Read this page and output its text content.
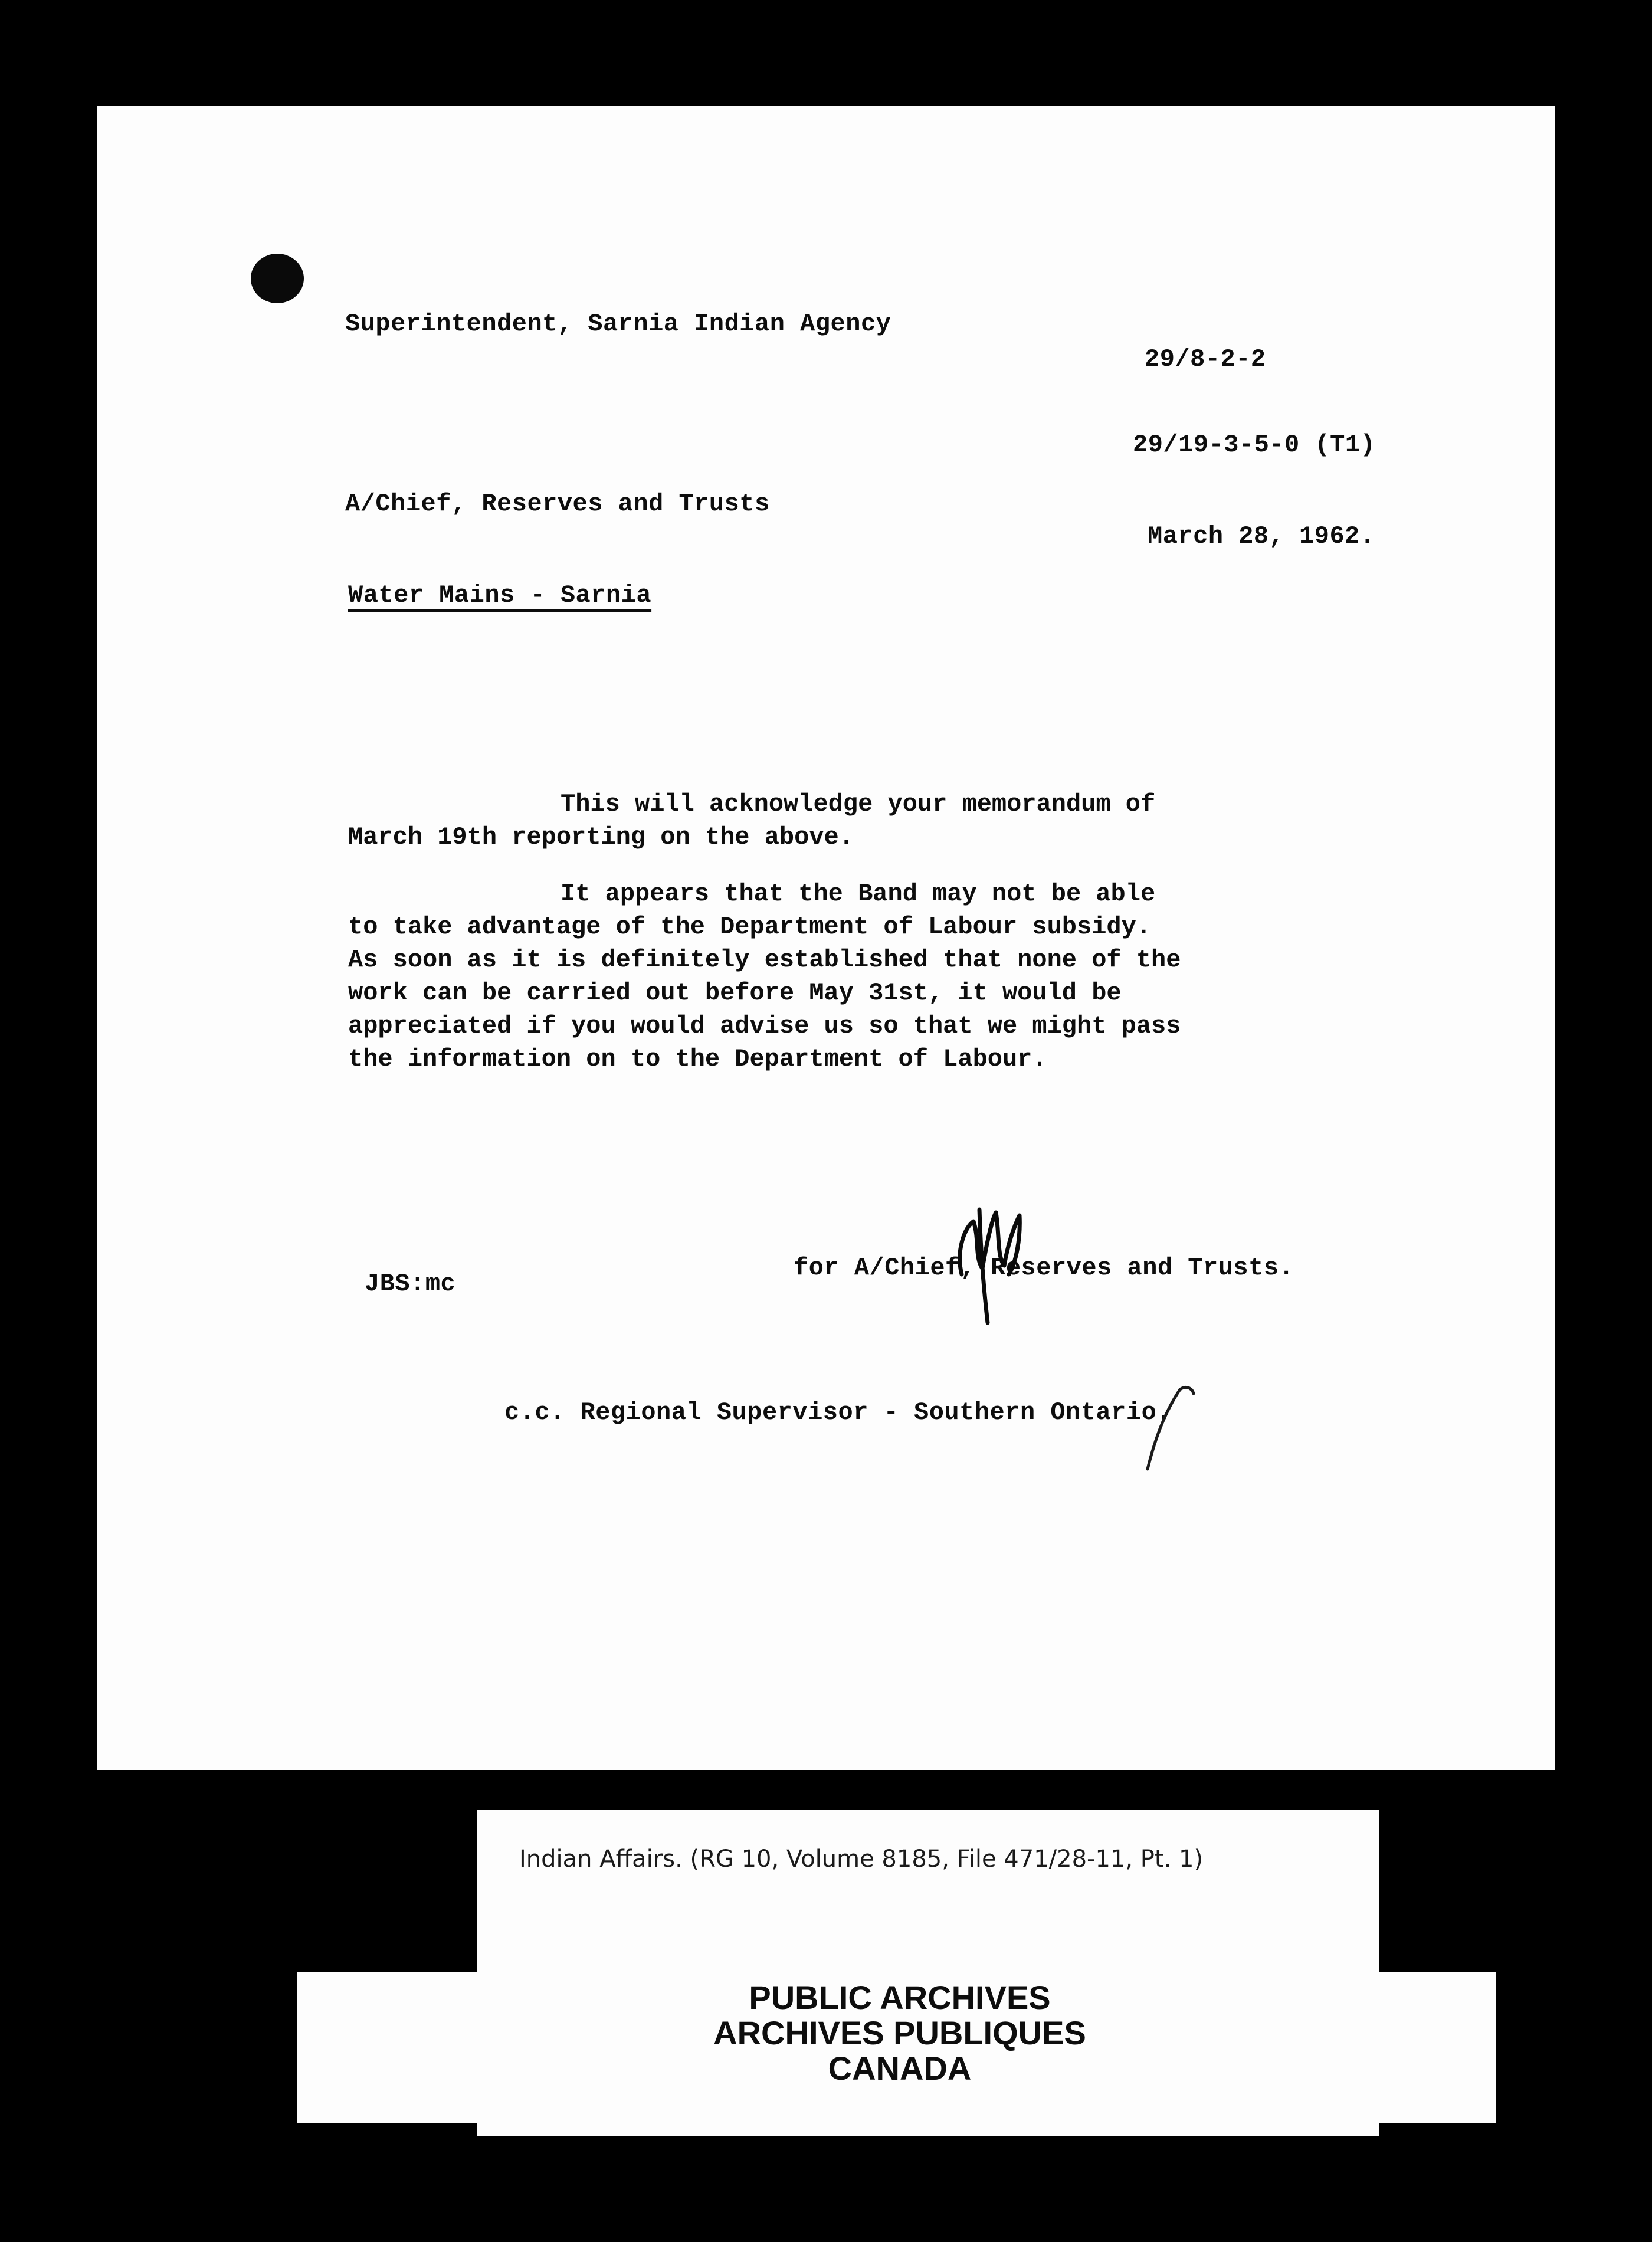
Superintendent, Sarnia Indian Agency
29/8-2-2
29/19-3-5-0 (T1)
A/Chief, Reserves and Trusts
March 28, 1962.
Water Mains - Sarnia
This will acknowledge your memorandum of
March 19th reporting on the above.
It appears that the Band may not be able
to take advantage of the Department of Labour subsidy.
As soon as it is definitely established that none of the
work can be carried out before May 31st, it would be
appreciated if you would advise us so that we might pass
the information on to the Department of Labour.
JBS:mc
for A/Chief, Reserves and Trusts.
c.c. Regional Supervisor - Southern Ontario.
Indian Affairs. (RG 10, Volume 8185, File 471/28-11, Pt. 1)
PUBLIC ARCHIVES
ARCHIVES PUBLIQUES
CANADA
